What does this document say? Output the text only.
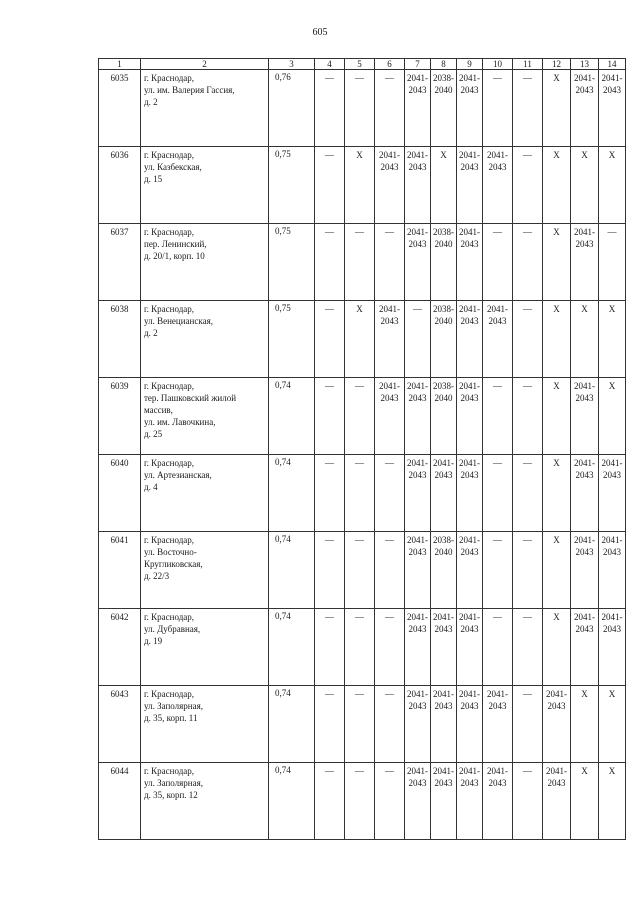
605
1	2	3	4	5	6	7	8	9	10	11	12	13	14
6035	г. Краснодар,
ул. им. Валерия Гассия,
д. 2	0,76	—	—	—	2041-2043	2038-2040	2041-2043	—	—	X	2041-2043	2041-2043
6036	г. Краснодар,
ул. Казбекская,
д. 15	0,75	—	X	2041-2043	2041-2043	X	2041-2043	2041-2043	—	X	X	X
6037	г. Краснодар,
пер. Ленинский,
д. 20/1, корп. 10	0,75	—	—	—	2041-2043	2038-2040	2041-2043	—	—	X	2041-2043	—
6038	г. Краснодар,
ул. Венецианская,
д. 2	0,75	—	X	2041-2043	—	2038-2040	2041-2043	2041-2043	—	X	X	X
6039	г. Краснодар,
тер. Пашковский жилой
массив,
ул. им. Лавочкина,
д. 25	0,74	—	—	2041-2043	2041-2043	2038-2040	2041-2043	—	—	X	2041-2043	X
6040	г. Краснодар,
ул. Артезианская,
д. 4	0,74	—	—	—	2041-2043	2041-2043	2041-2043	—	—	X	2041-2043	2041-2043
6041	г. Краснодар,
ул. Восточно-
Кругликовская,
д. 22/3	0,74	—	—	—	2041-2043	2038-2040	2041-2043	—	—	X	2041-2043	2041-2043
6042	г. Краснодар,
ул. Дубравная,
д. 19	0,74	—	—	—	2041-2043	2041-2043	2041-2043	—	—	X	2041-2043	2041-2043
6043	г. Краснодар,
ул. Заполярная,
д. 35, корп. 11	0,74	—	—	—	2041-2043	2041-2043	2041-2043	2041-2043	—	2041-2043	X	X
6044	г. Краснодар,
ул. Заполярная,
д. 35, корп. 12	0,74	—	—	—	2041-2043	2041-2043	2041-2043	2041-2043	—	2041-2043	X	X
